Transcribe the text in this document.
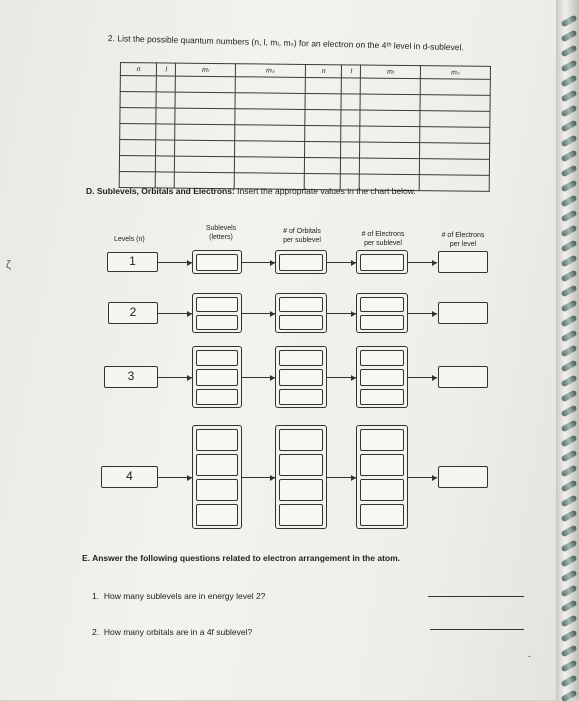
2. List the possible quantum numbers (n, l, mₗ, mₛ) for an electron on the 4ᵗʰ level in d-sublevel.
n	l	mₗ	mₛ	n	l	mₗ	mₛ

D. Sublevels, Orbitals and Electrons: Insert the appropriate values in the chart below.
Levels (n)
Sublevels
(letters)
# of Orbitals
per sublevel
# of Electrons
per sublevel
# of Electrons
per level
1
2
3
4
E. Answer the following questions related to electron arrangement in the atom.
1. How many sublevels are in energy level 2?
2. How many orbitals are in a 4f sublevel?
ζ
-
